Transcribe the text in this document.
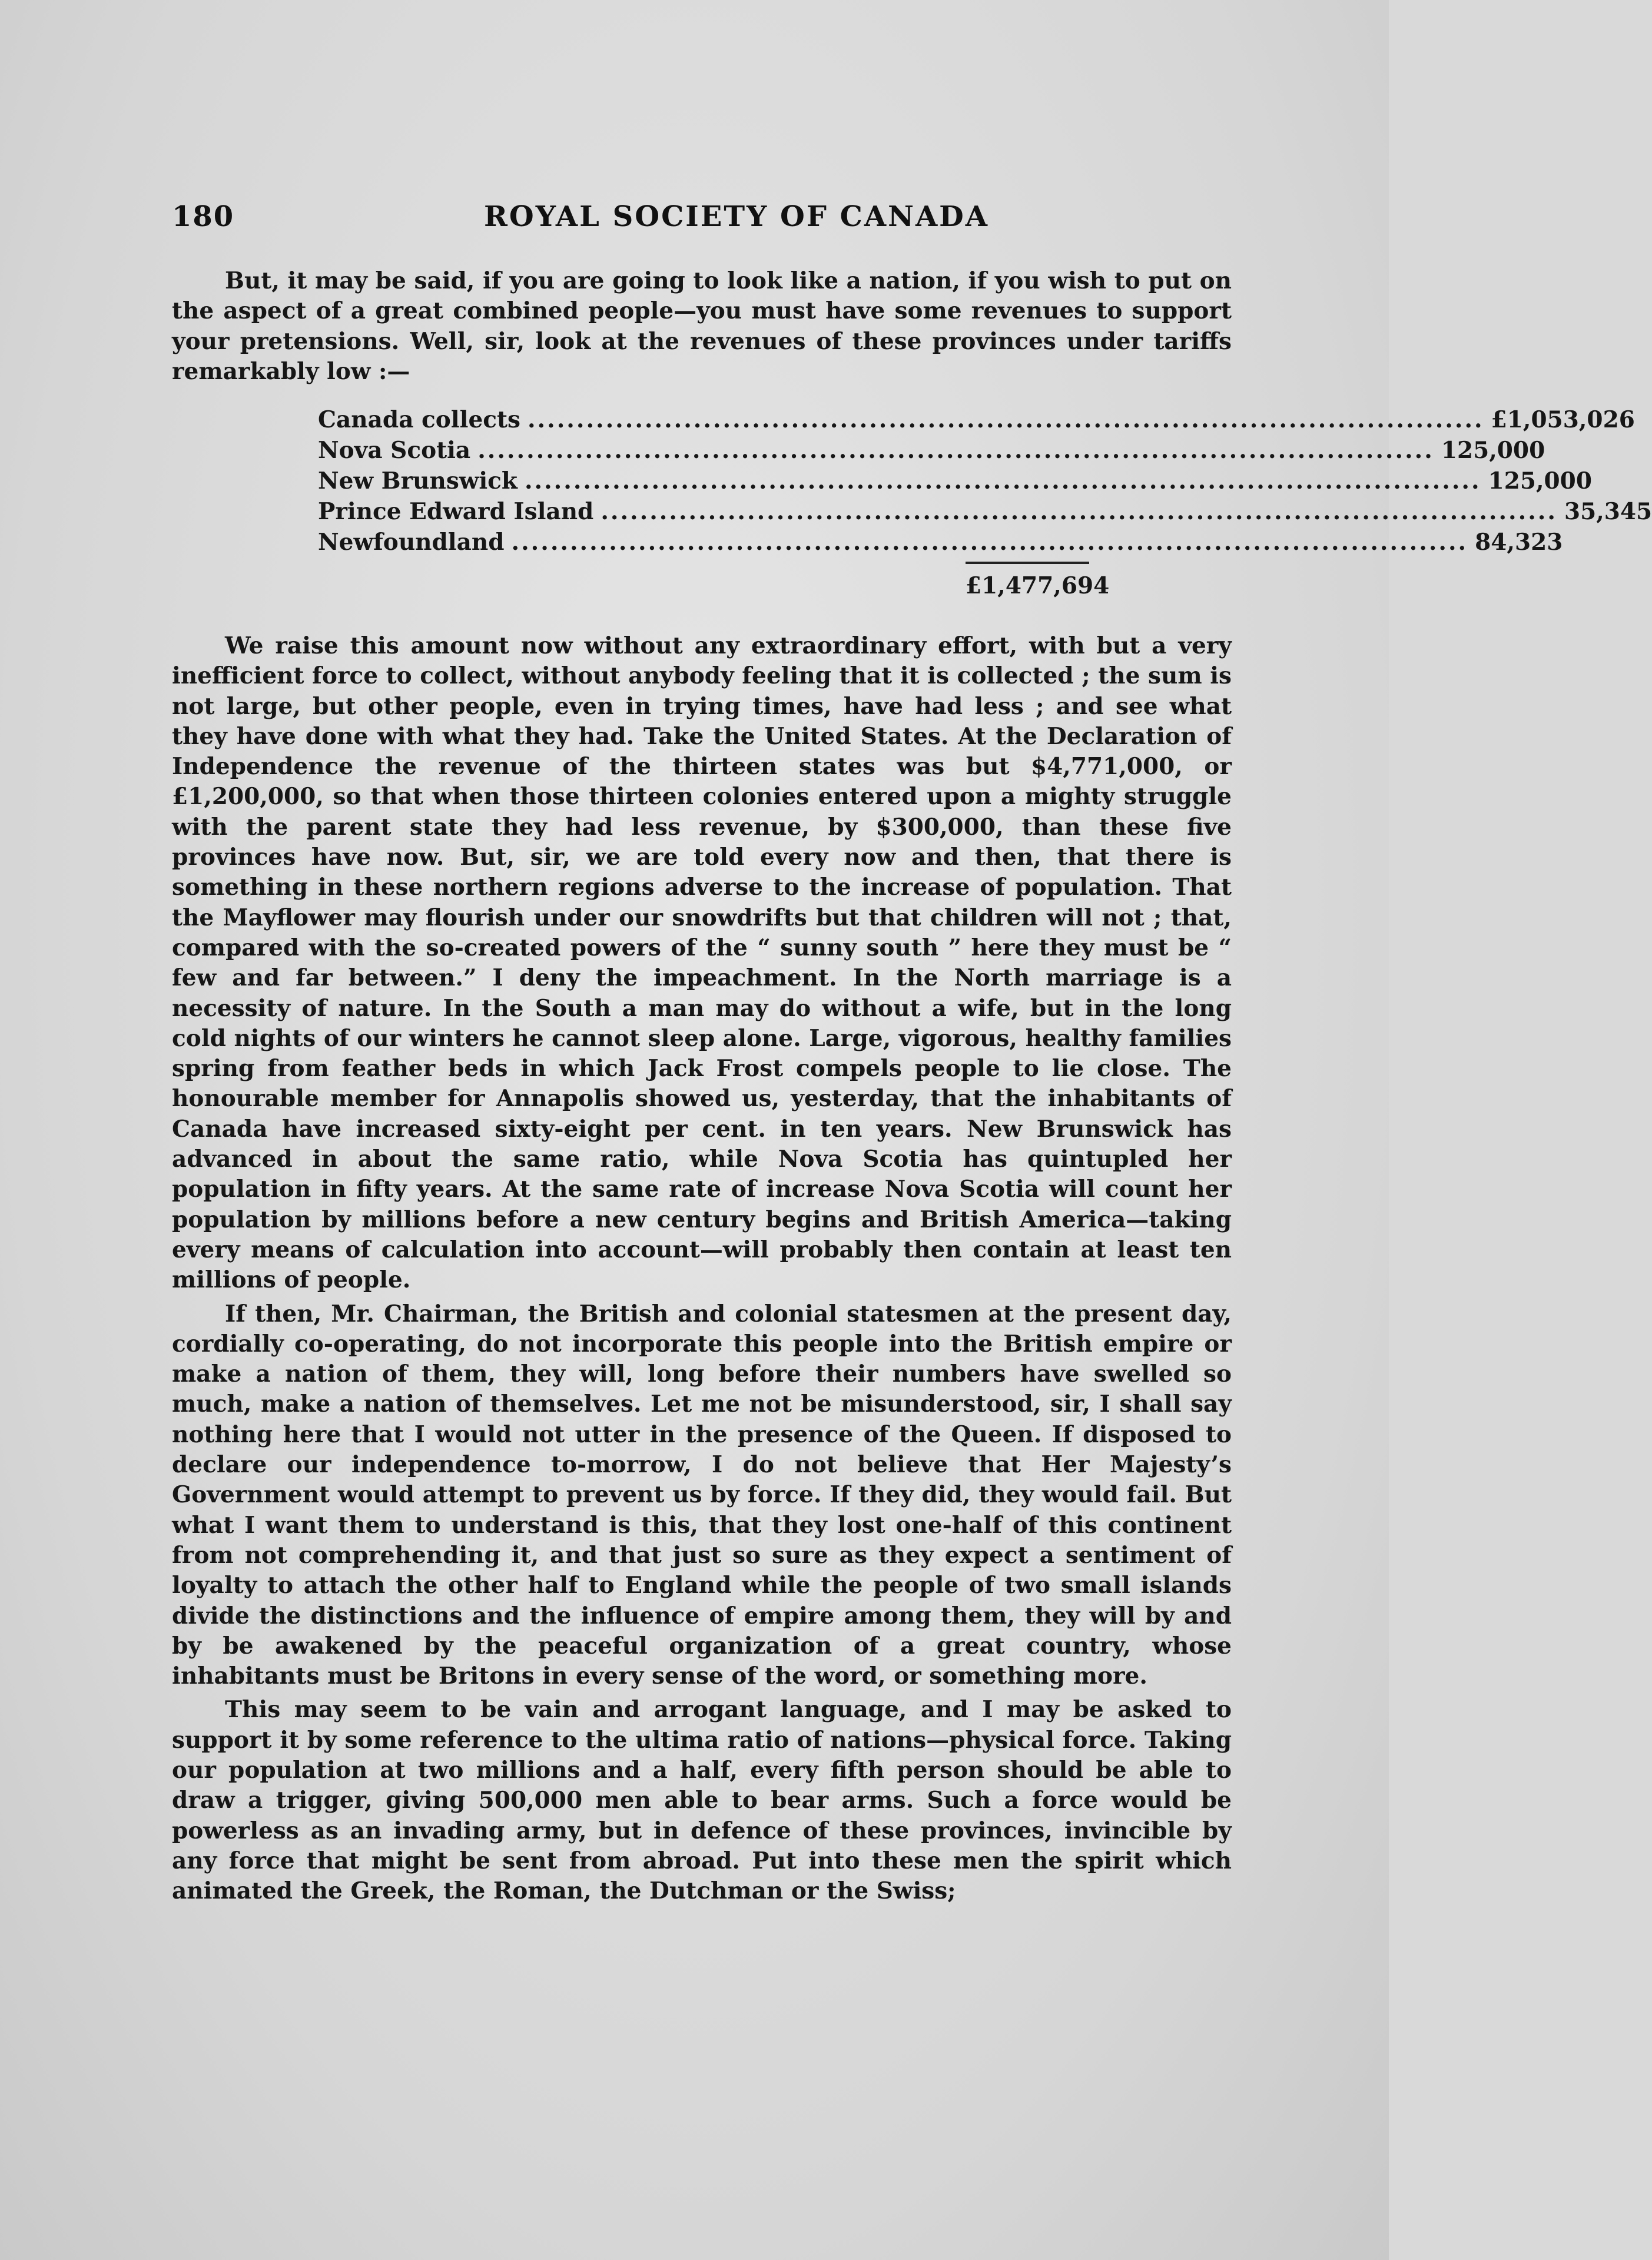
180	ROYAL SOCIETY OF CANADA

But, it may be said, if you are going to look like a nation, if you wish to put on the aspect of a great combined people—you must have some revenues to support your pretensions. Well, sir, look at the revenues of these provinces under tariffs remarkably low :—

Canada collects .................................................................................................. £1,053,026
Nova Scotia .................................................................................................. 125,000
New Brunswick .................................................................................................. 125,000
Prince Edward Island .................................................................................................. 35,345
Newfoundland .................................................................................................. 84,323
£1,477,694

We raise this amount now without any extraordinary effort, with but a very inefficient force to collect, without anybody feeling that it is collected ; the sum is not large, but other people, even in trying times, have had less ; and see what they have done with what they had. Take the United States. At the Declaration of Independence the revenue of the thirteen states was but $4,771,000, or £1,200,000, so that when those thirteen colonies entered upon a mighty struggle with the parent state they had less revenue, by $300,000, than these five provinces have now. But, sir, we are told every now and then, that there is something in these northern regions adverse to the increase of population. That the Mayflower may flourish under our snowdrifts but that children will not ; that, compared with the so-created powers of the “ sunny south ” here they must be “ few and far between.” I deny the impeachment. In the North marriage is a necessity of nature. In the South a man may do without a wife, but in the long cold nights of our winters he cannot sleep alone. Large, vigorous, healthy families spring from feather beds in which Jack Frost compels people to lie close. The honourable member for Annapolis showed us, yesterday, that the inhabitants of Canada have increased sixty-eight per cent. in ten years. New Brunswick has advanced in about the same ratio, while Nova Scotia has quintupled her population in fifty years. At the same rate of increase Nova Scotia will count her population by millions before a new century begins and British America—taking every means of calculation into account—will probably then contain at least ten millions of people.

If then, Mr. Chairman, the British and colonial statesmen at the present day, cordially co-operating, do not incorporate this people into the British empire or make a nation of them, they will, long before their numbers have swelled so much, make a nation of themselves. Let me not be misunderstood, sir, I shall say nothing here that I would not utter in the presence of the Queen. If disposed to declare our independence to-morrow, I do not believe that Her Majesty’s Government would attempt to prevent us by force. If they did, they would fail. But what I want them to understand is this, that they lost one-half of this continent from not comprehending it, and that just so sure as they expect a sentiment of loyalty to attach the other half to England while the people of two small islands divide the distinctions and the influence of empire among them, they will by and by be awakened by the peaceful organization of a great country, whose inhabitants must be Britons in every sense of the word, or something more.

This may seem to be vain and arrogant language, and I may be asked to support it by some reference to the ultima ratio of nations—physical force. Taking our population at two millions and a half, every fifth person should be able to draw a trigger, giving 500,000 men able to bear arms. Such a force would be powerless as an invading army, but in defence of these provinces, invincible by any force that might be sent from abroad. Put into these men the spirit which animated the Greek, the Roman, the Dutchman or the Swiss;
